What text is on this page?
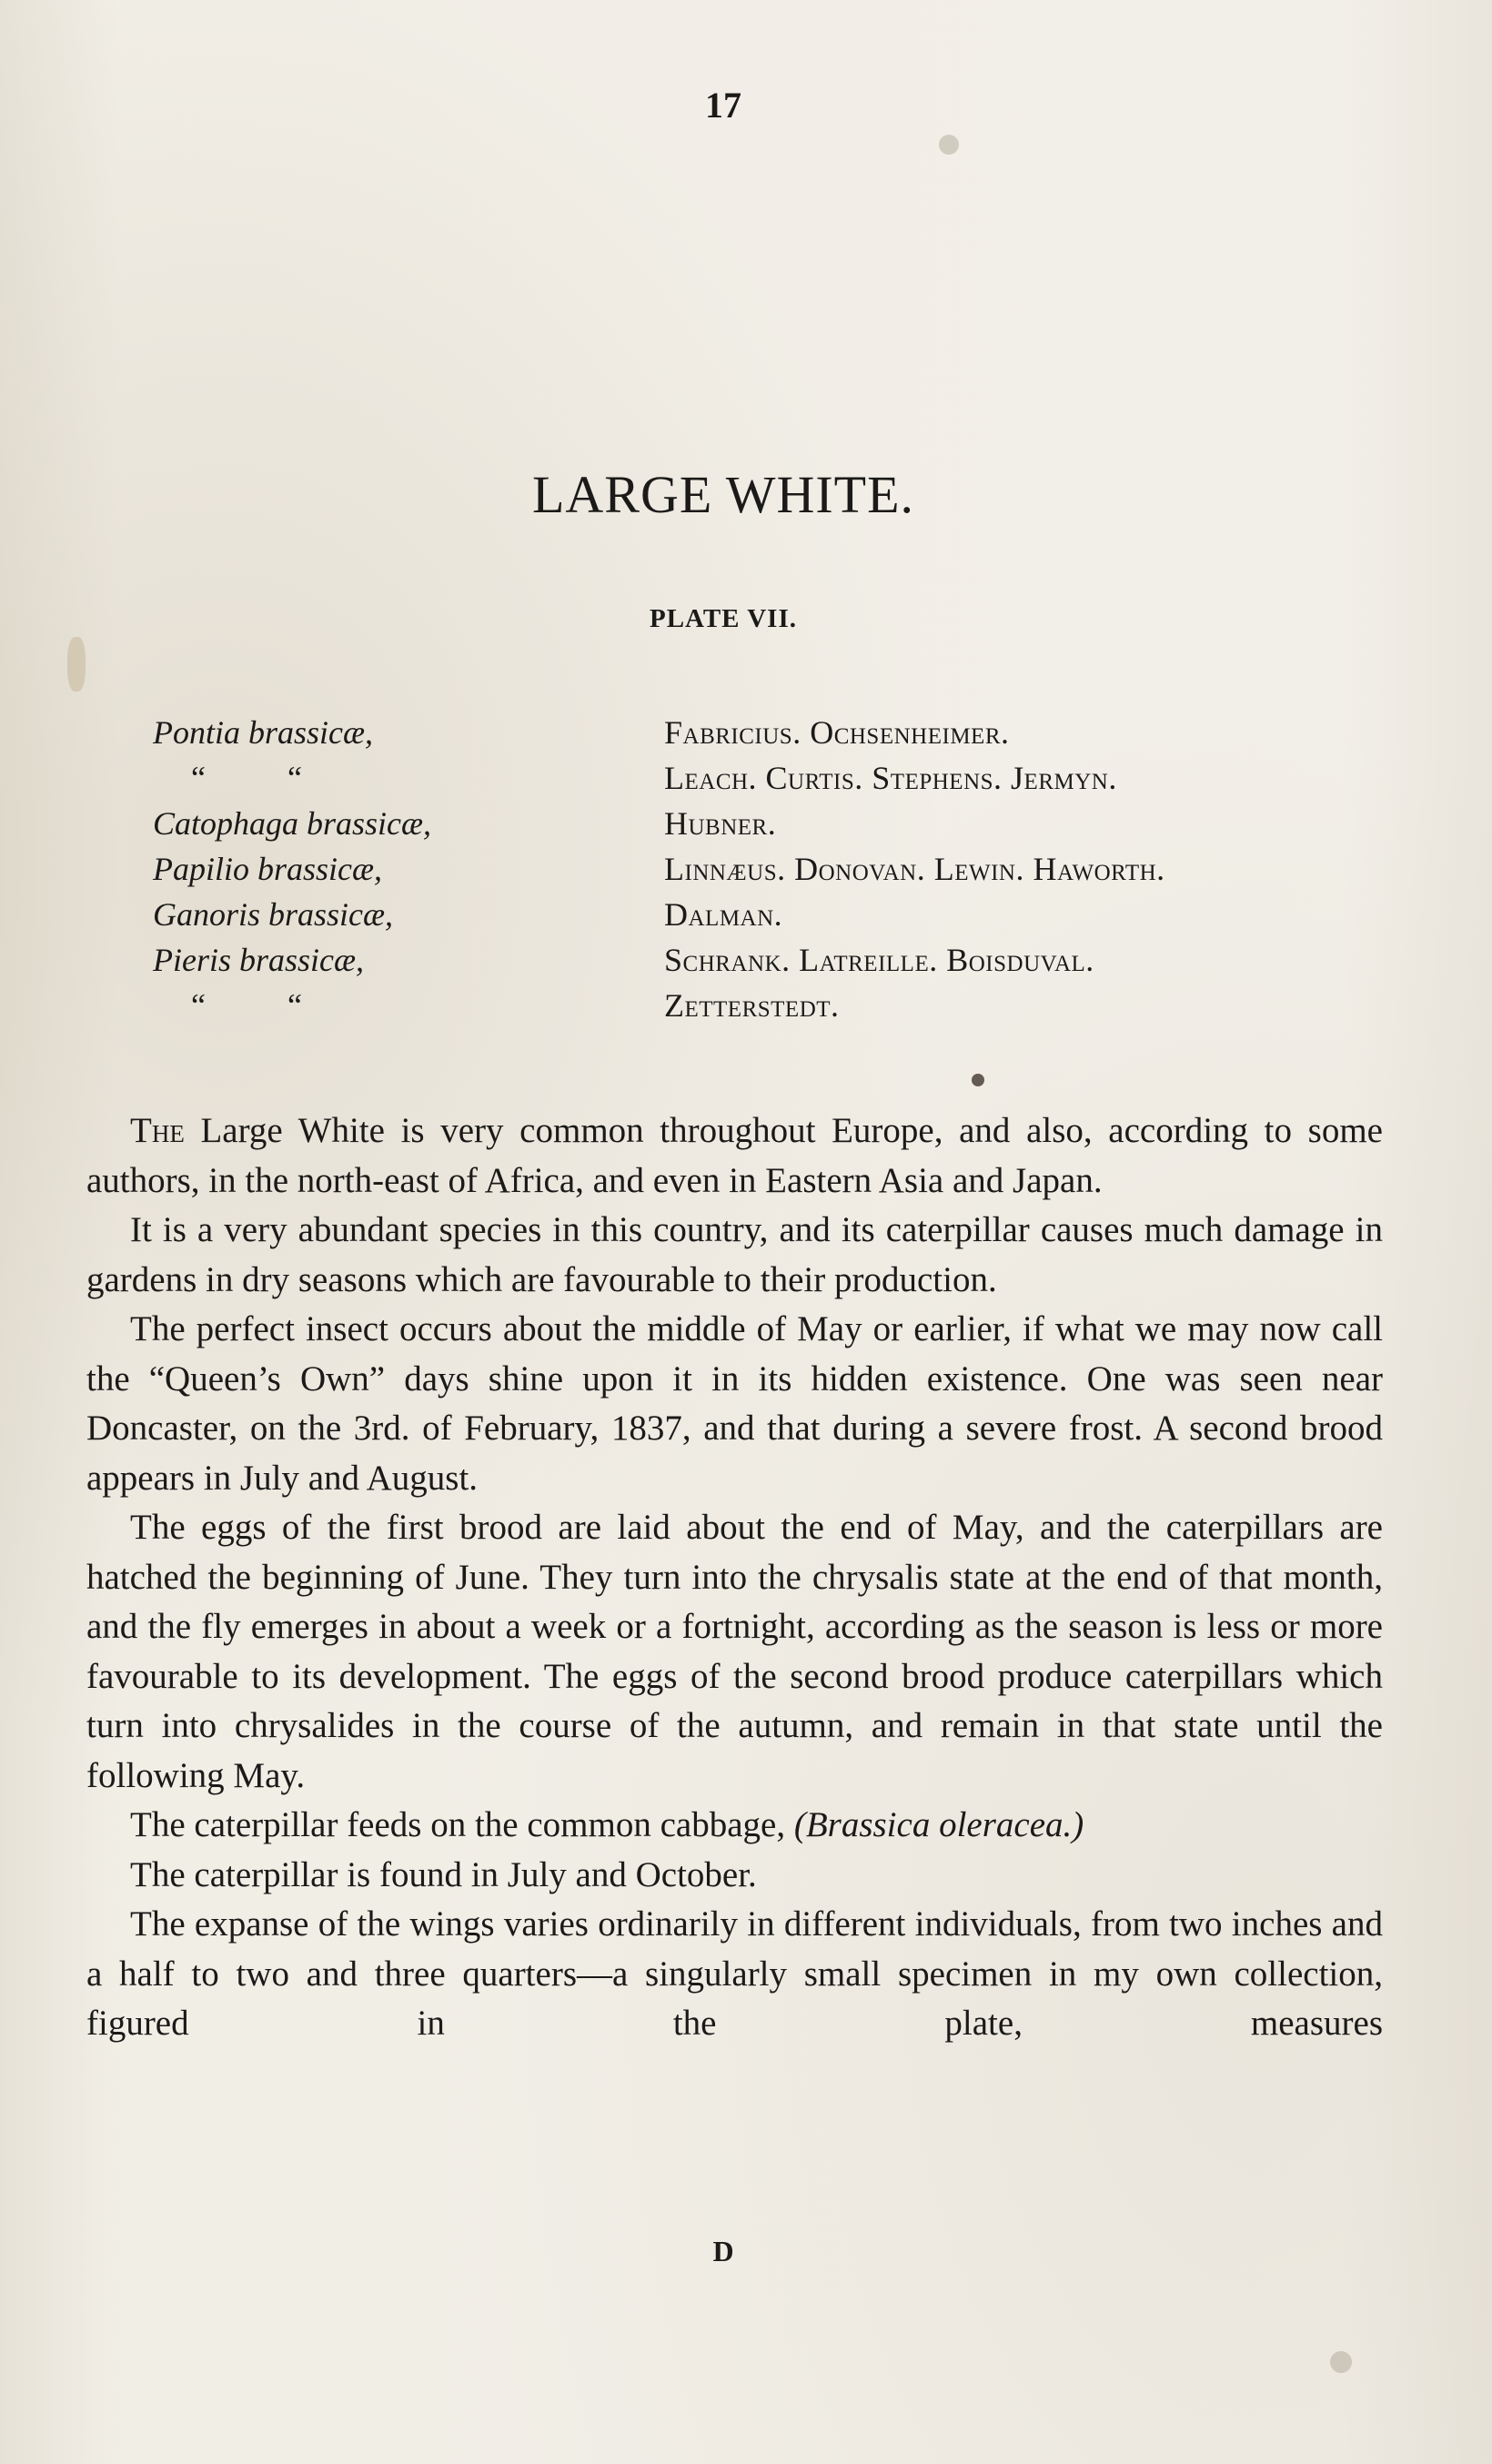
17
LARGE WHITE.
PLATE VII.
Pontia brassicæ,	Fabricius. Ochsenheimer.
“          “	Leach. Curtis. Stephens. Jermyn.
Catophaga brassicæ,	Hubner.
Papilio brassicæ,	Linnæus. Donovan. Lewin. Haworth.
Ganoris brassicæ,	Dalman.
Pieris brassicæ,	Schrank. Latreille. Boisduval.
“          “	Zetterstedt.

The Large White is very common throughout Europe, and also, according to some authors, in the north-east of Africa, and even in Eastern Asia and Japan.

It is a very abundant species in this country, and its caterpillar causes much damage in gardens in dry seasons which are favourable to their production.

The perfect insect occurs about the middle of May or earlier, if what we may now call the “Queen’s Own” days shine upon it in its hidden existence. One was seen near Doncaster, on the 3rd. of February, 1837, and that during a severe frost. A second brood appears in July and August.

The eggs of the first brood are laid about the end of May, and the caterpillars are hatched the beginning of June. They turn into the chrysalis state at the end of that month, and the fly emerges in about a week or a fortnight, according as the season is less or more favourable to its development. The eggs of the second brood produce caterpillars which turn into chrysalides in the course of the autumn, and remain in that state until the following May.

The caterpillar feeds on the common cabbage, (Brassica oleracea.)

The caterpillar is found in July and October.

The expanse of the wings varies ordinarily in different individuals, from two inches and a half to two and three quarters—a singularly small specimen in my own collection, figured in the plate, measures

D
